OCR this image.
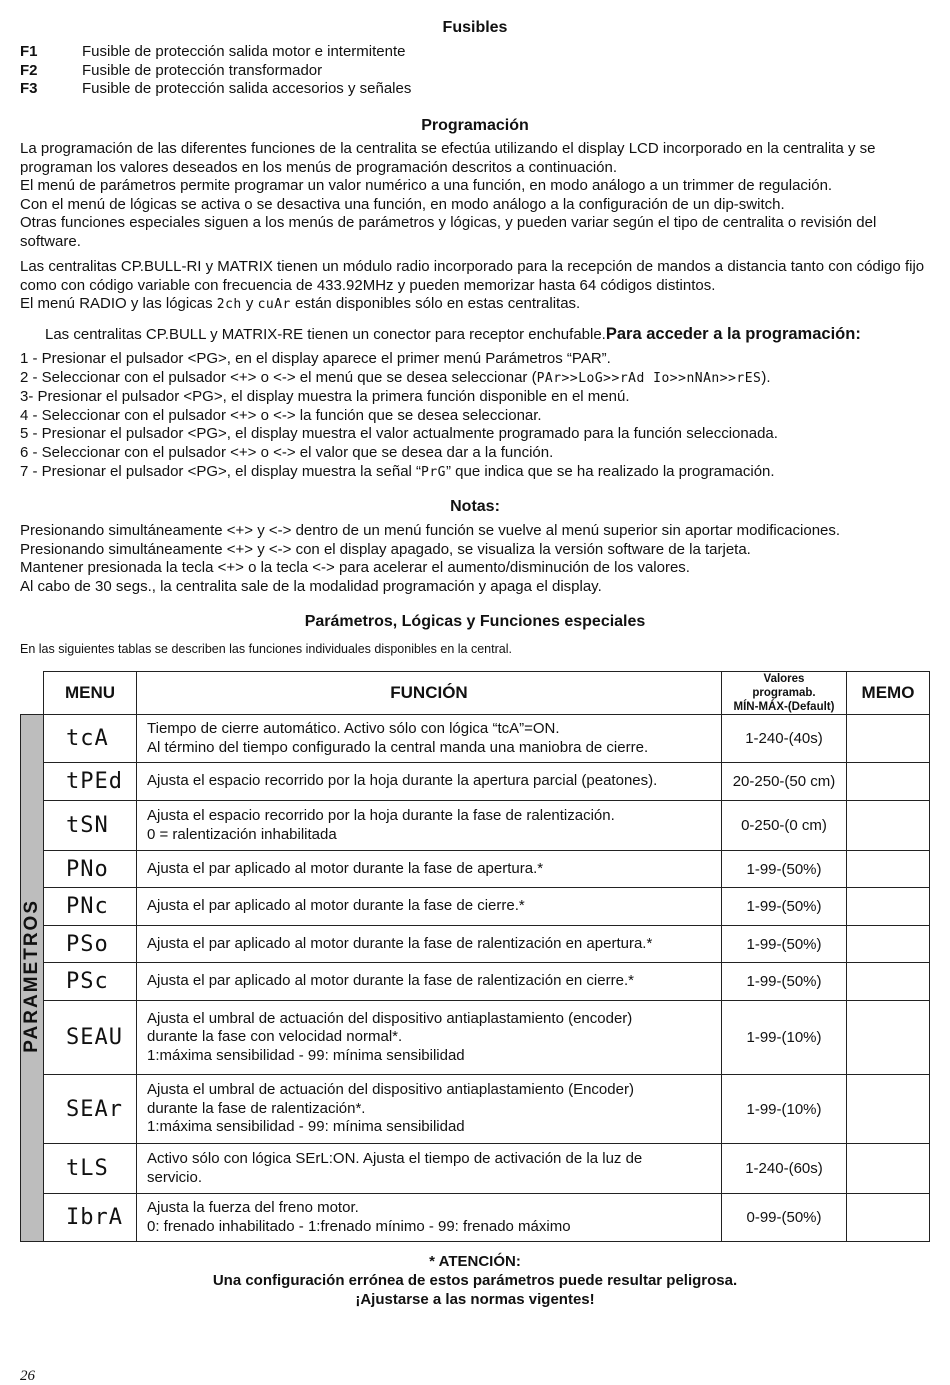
Fusibles
F1	Fusible de protección salida motor e intermitente
F2	Fusible de protección transformador
F3	Fusible de protección salida accesorios y señales
Programación

La programación de las diferentes funciones de la centralita se efectúa utilizando el display LCD incorporado en la centralita y se programan los valores deseados en los menús de programación descritos a continuación.

El menú de parámetros permite programar un valor numérico a una función, en modo análogo a un trimmer de regulación.

Con el menú de lógicas se activa o se desactiva una función, en modo análogo a la configuración de un dip-switch.

Otras funciones especiales siguen a los menús de parámetros y lógicas, y pueden variar según el tipo de centralita o revisión del software.

Las centralitas CP.BULL-RI y MATRIX tienen un módulo radio incorporado para la recepción de mandos a distancia tanto con código fijo como con código variable con frecuencia de 433.92MHz y pueden memorizar hasta 64 códigos distintos.

El menú RADIO y las lógicas 2ch y cuAr están disponibles sólo en estas centralitas.

Las centralitas CP.BULL y MATRIX-RE tienen un conector para receptor enchufable.Para acceder a la programación:
1 - Presionar el pulsador <PG>, en el display aparece el primer menú Parámetros “PAR”.
2 - Seleccionar con el pulsador <+> o <-> el menú que se desea seleccionar (PAr>>LoG>>rAd Io>>nNAn>>rES).
3- Presionar el pulsador <PG>, el display muestra la primera función disponible en el menú.
4 - Seleccionar con el pulsador <+> o <-> la función que se desea seleccionar.
5 - Presionar el pulsador <PG>, el display muestra el valor actualmente programado para la función seleccionada.
6 - Seleccionar con el pulsador <+> o <-> el valor que se desea dar a la función.
7 - Presionar el pulsador <PG>, el display muestra la señal “PrG” que indica que se ha realizado la programación.
Notas:
Presionando simultáneamente <+> y <-> dentro de un menú función se vuelve al menú superior sin aportar modificaciones.
Presionando simultáneamente <+> y <-> con el display apagado, se visualiza la versión software de la tarjeta.
Mantener presionada la tecla <+> o la tecla <-> para acelerar el aumento/disminución de los valores.
Al cabo de 30 segs., la centralita sale de la modalidad programación y apaga el display.
Parámetros, Lógicas y Funciones especiales
En las siguientes tablas se describen las funciones individuales disponibles en la central.
	MENU	FUNCIÓN	Valores programab.
MÍN-MÁX-(Default)	MEMO
PARAMETROS	tcA	Tiempo de cierre automático. Activo sólo con lógica “tcA”=ON.
Al término del tiempo configurado la central manda una maniobra de cierre.	1-240-(40s)	
	tPEd	Ajusta el espacio recorrido por la hoja durante la apertura parcial (peatones).	20-250-(50 cm)	
	tSN	Ajusta el espacio recorrido por la hoja durante la fase de ralentización.
0 = ralentización inhabilitada	0-250-(0 cm)	
	PNo	Ajusta el par aplicado al motor durante la fase de apertura.*	1-99-(50%)	
	PNc	Ajusta el par aplicado al motor durante la fase de cierre.*	1-99-(50%)	
	PSo	Ajusta el par aplicado al motor durante la fase de ralentización en apertura.*	1-99-(50%)	
	PSc	Ajusta el par aplicado al motor durante la fase de ralentización en cierre.*	1-99-(50%)	
	SEAU	Ajusta el umbral de actuación del dispositivo antiaplastamiento (encoder)
durante la fase con velocidad normal*.
1:máxima sensibilidad - 99: mínima sensibilidad	1-99-(10%)	
	SEAr	Ajusta el umbral de actuación del dispositivo antiaplastamiento (Encoder)
durante la fase de ralentización*.
1:máxima sensibilidad - 99: mínima sensibilidad	1-99-(10%)	
	tLS	Activo sólo con lógica SErL:ON. Ajusta el tiempo de activación de la luz de
servicio.	1-240-(60s)	
	IbrA	Ajusta la fuerza del freno motor.
0: frenado inhabilitado - 1:frenado mínimo - 99: frenado máximo	0-99-(50%)	
* ATENCIÓN:
Una configuración errónea de estos parámetros puede resultar peligrosa.
¡Ajustarse a las normas vigentes!
26
